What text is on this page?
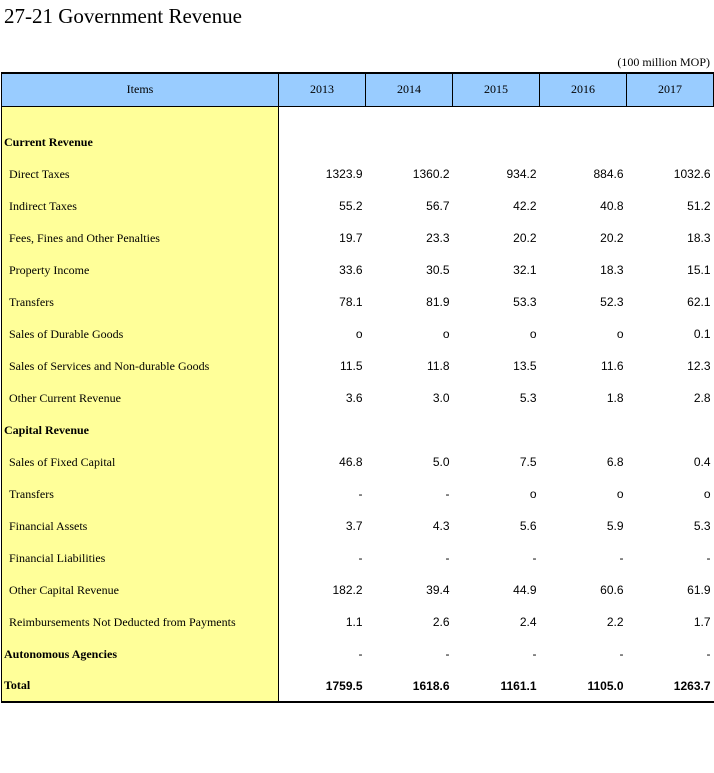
27-21 Government Revenue
(100 million MOP)
Items	2013	2014	2015	2016	2017

Current Revenue					
Direct Taxes	1323.9	1360.2	934.2	884.6	1032.6
Indirect Taxes	55.2	56.7	42.2	40.8	51.2
Fees, Fines and Other Penalties	19.7	23.3	20.2	20.2	18.3
Property Income	33.6	30.5	32.1	18.3	15.1
Transfers	78.1	81.9	53.3	52.3	62.1
Sales of Durable Goods	o	o	o	o	0.1
Sales of Services and Non-durable Goods	11.5	11.8	13.5	11.6	12.3
Other Current Revenue	3.6	3.0	5.3	1.8	2.8
Capital Revenue					
Sales of Fixed Capital	46.8	5.0	7.5	6.8	0.4
Transfers	-	-	o	o	o
Financial Assets	3.7	4.3	5.6	5.9	5.3
Financial Liabilities	-	-	-	-	-
Other Capital Revenue	182.2	39.4	44.9	60.6	61.9
Reimbursements Not Deducted from Payments	1.1	2.6	2.4	2.2	1.7
Autonomous Agencies	-	-	-	-	-
Total	1759.5	1618.6	1161.1	1105.0	1263.7
